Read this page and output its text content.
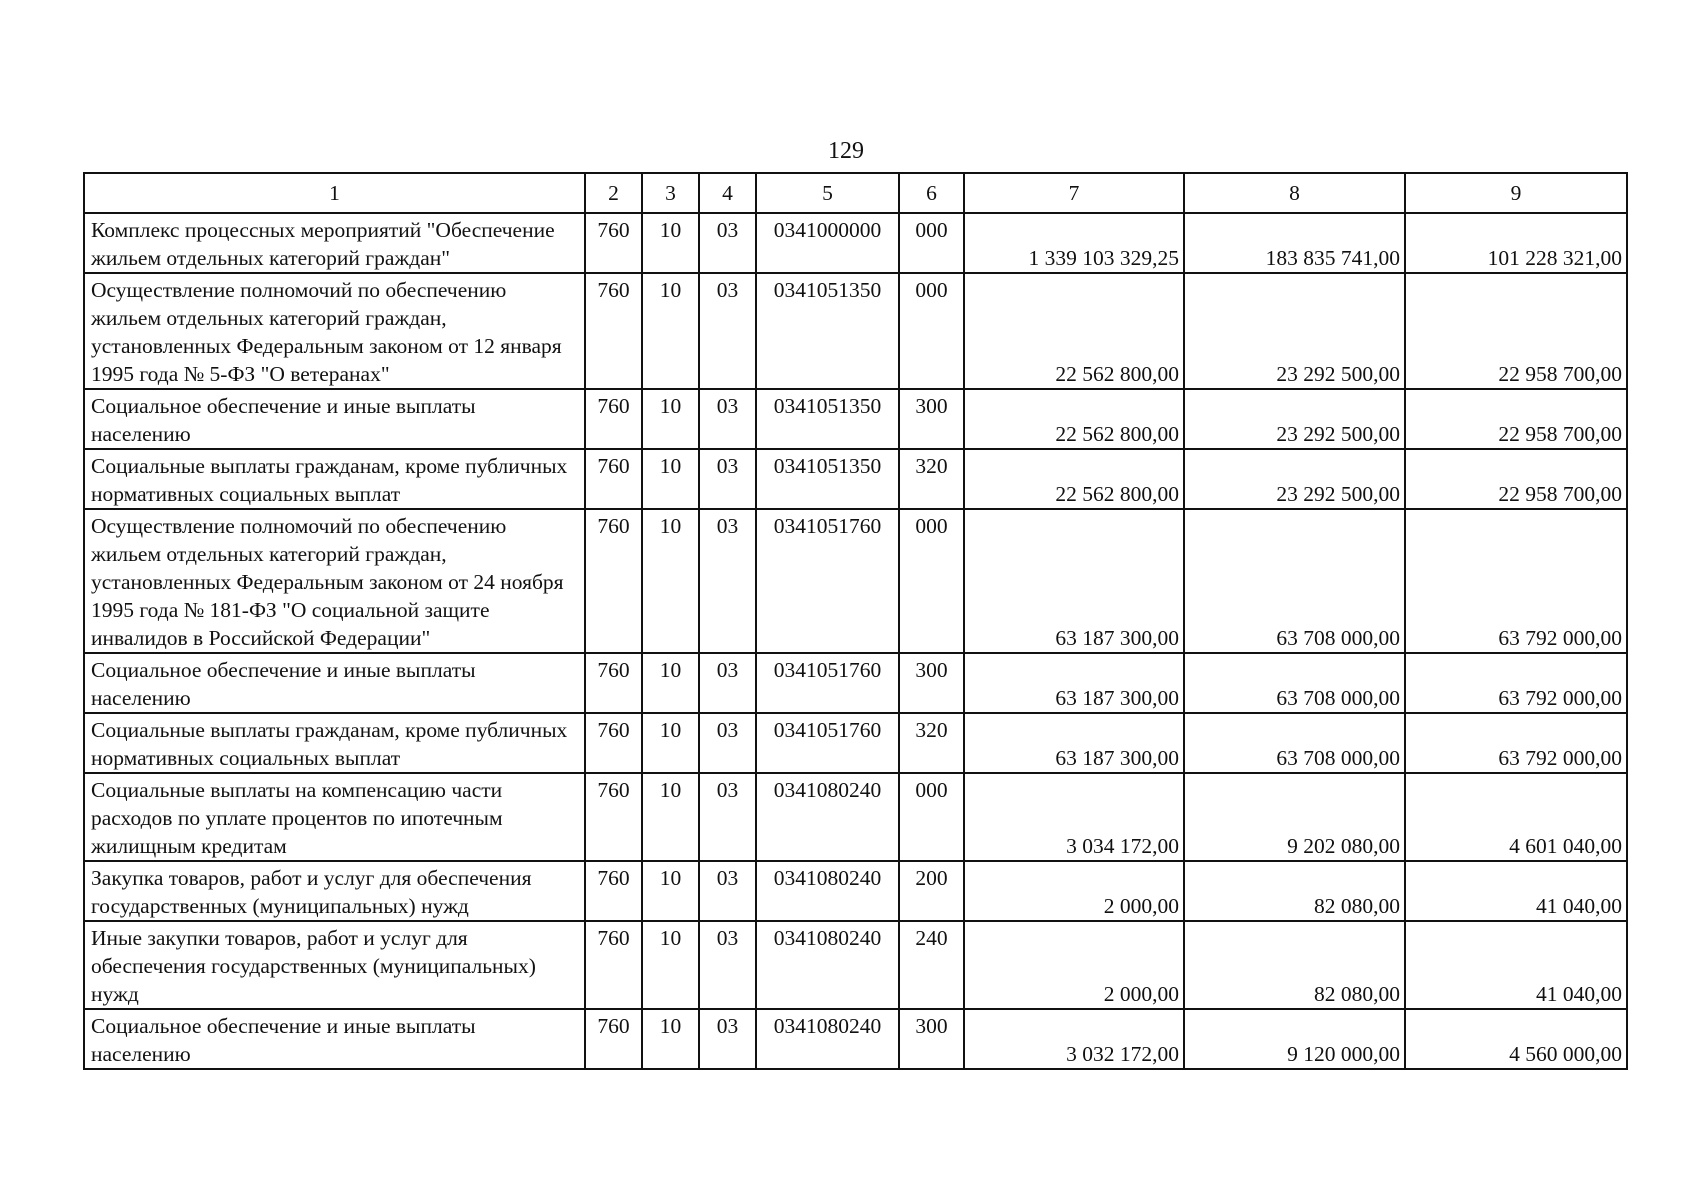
129
1	2	3	4	5	6	7	8	9
Комплекс процессных мероприятий "Обеспечение жильем отдельных категорий граждан"	760	10	03	0341000000	000	1 339 103 329,25	183 835 741,00	101 228 321,00
Осуществление полномочий по обеспечению жильем отдельных категорий граждан, установленных Федеральным законом от 12 января 1995 года № 5-ФЗ "О ветеранах"	760	10	03	0341051350	000	22 562 800,00	23 292 500,00	22 958 700,00
Социальное обеспечение и иные выплаты населению	760	10	03	0341051350	300	22 562 800,00	23 292 500,00	22 958 700,00
Социальные выплаты гражданам, кроме публичных нормативных социальных выплат	760	10	03	0341051350	320	22 562 800,00	23 292 500,00	22 958 700,00
Осуществление полномочий по обеспечению жильем отдельных категорий граждан, установленных Федеральным законом от 24 ноября 1995 года № 181-ФЗ "О социальной защите инвалидов в Российской Федерации"	760	10	03	0341051760	000	63 187 300,00	63 708 000,00	63 792 000,00
Социальное обеспечение и иные выплаты населению	760	10	03	0341051760	300	63 187 300,00	63 708 000,00	63 792 000,00
Социальные выплаты гражданам, кроме публичных нормативных социальных выплат	760	10	03	0341051760	320	63 187 300,00	63 708 000,00	63 792 000,00
Социальные выплаты на компенсацию части расходов по уплате процентов по ипотечным жилищным кредитам	760	10	03	0341080240	000	3 034 172,00	9 202 080,00	4 601 040,00
Закупка товаров, работ и услуг для обеспечения государственных (муниципальных) нужд	760	10	03	0341080240	200	2 000,00	82 080,00	41 040,00
Иные закупки товаров, работ и услуг для обеспечения государственных (муниципальных) нужд	760	10	03	0341080240	240	2 000,00	82 080,00	41 040,00
Социальное обеспечение и иные выплаты населению	760	10	03	0341080240	300	3 032 172,00	9 120 000,00	4 560 000,00
